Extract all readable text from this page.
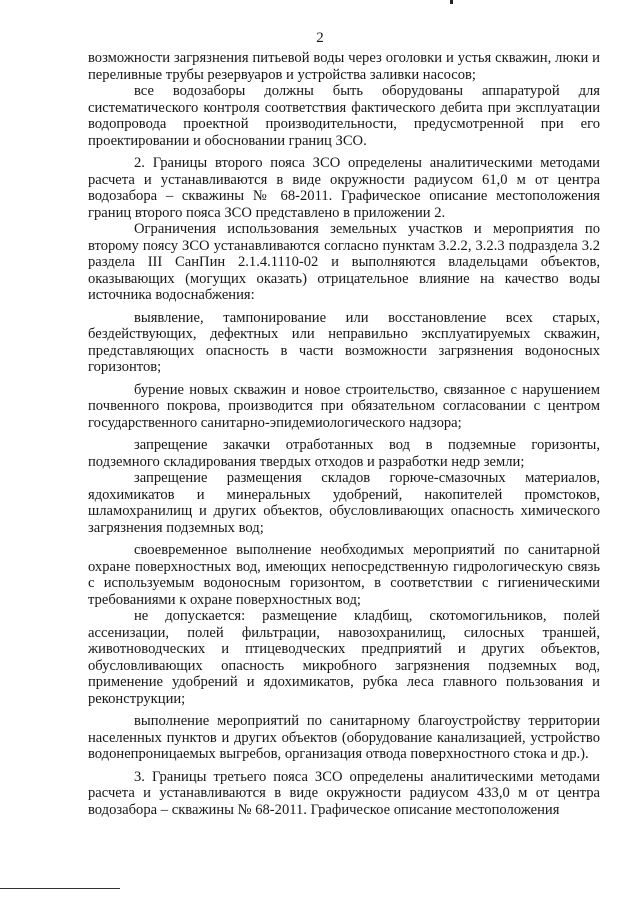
2

возможности загрязнения питьевой воды через оголовки и устья скважин, люки и переливные трубы резервуаров и устройства заливки насосов;

все водозаборы должны быть оборудованы аппаратурой для систематического контроля соответствия фактического дебита при эксплуатации водопровода проектной производительности, предусмотренной при его проектировании и обосновании границ ЗСО.

2. Границы второго пояса ЗСО определены аналитическими методами расчета и устанавливаются в виде окружности радиусом 61,0 м от центра водозабора – скважины № 68-2011. Графическое описание местоположения границ второго пояса ЗСО представлено в приложении 2.

Ограничения использования земельных участков и мероприятия по второму поясу ЗСО устанавливаются согласно пунктам 3.2.2, 3.2.3 подраздела 3.2 раздела III СанПин 2.1.4.1110-02 и выполняются владельцами объектов, оказывающих (могущих оказать) отрицательное влияние на качество воды источника водоснабжения:

выявление, тампонирование или восстановление всех старых, бездействующих, дефектных или неправильно эксплуатируемых скважин, представляющих опасность в части возможности загрязнения водоносных горизонтов;

бурение новых скважин и новое строительство, связанное с нарушением почвенного покрова, производится при обязательном согласовании с центром государственного санитарно-эпидемиологического надзора;

запрещение закачки отработанных вод в подземные горизонты, подземного складирования твердых отходов и разработки недр земли;

запрещение размещения складов горюче-смазочных материалов, ядохимикатов и минеральных удобрений, накопителей промстоков, шламохранилищ и других объектов, обусловливающих опасность химического загрязнения подземных вод;

своевременное выполнение необходимых мероприятий по санитарной охране поверхностных вод, имеющих непосредственную гидрологическую связь с используемым водоносным горизонтом, в соответствии с гигиеническими требованиями к охране поверхностных вод;

не допускается: размещение кладбищ, скотомогильников, полей ассенизации, полей фильтрации, навозохранилищ, силосных траншей, животноводческих и птицеводческих предприятий и других объектов, обусловливающих опасность микробного загрязнения подземных вод, применение удобрений и ядохимикатов, рубка леса главного пользования и реконструкции;

выполнение мероприятий по санитарному благоустройству территории населенных пунктов и других объектов (оборудование канализацией, устройство водонепроницаемых выгребов, организация отвода поверхностного стока и др.).

3. Границы третьего пояса ЗСО определены аналитическими методами расчета и устанавливаются в виде окружности радиусом 433,0 м от центра водозабора – скважины № 68-2011. Графическое описание местоположения
